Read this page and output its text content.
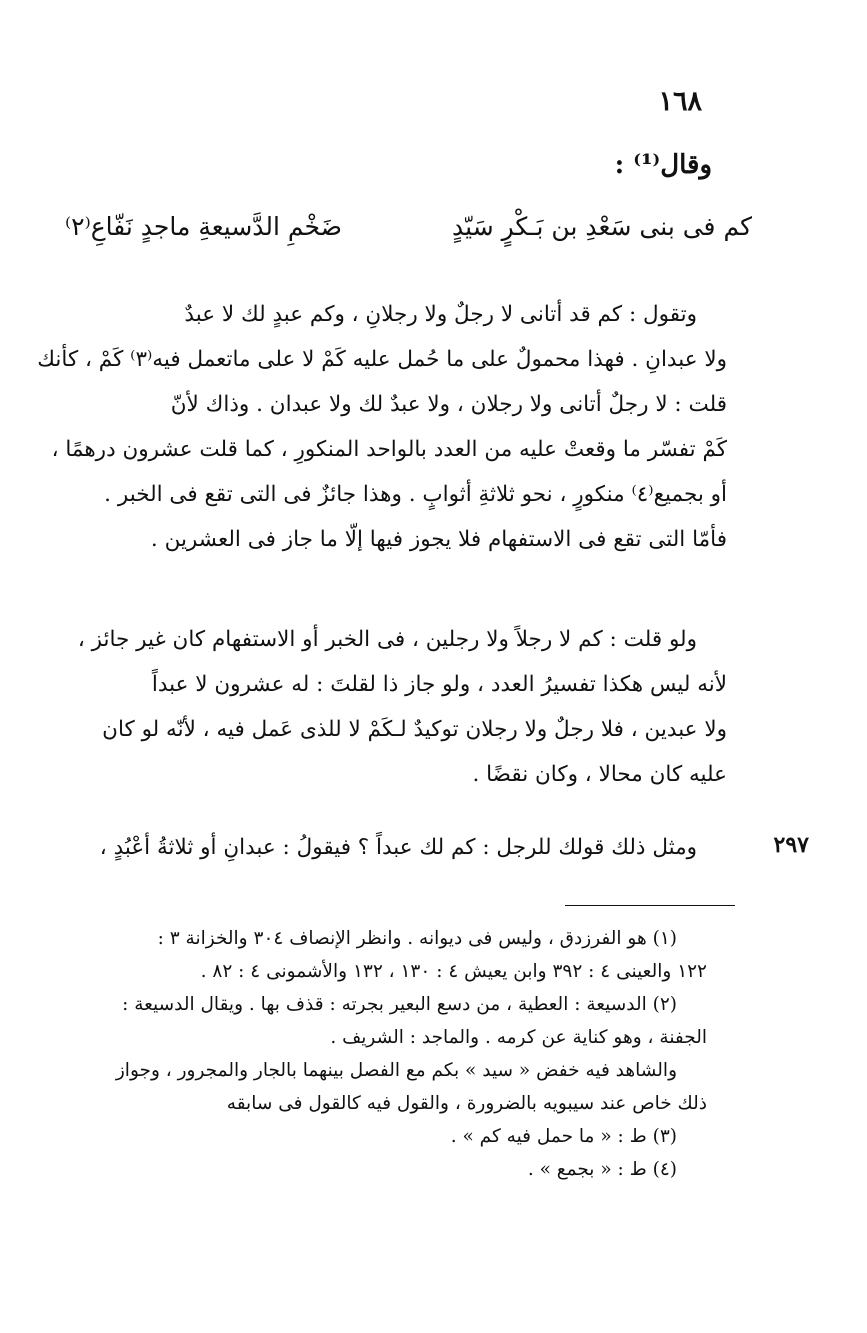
١٦٨
وقال⁽¹⁾ :
كم فى بنى سَعْدِ بن بَـكْرٍ سَيّدٍ
ضَخْمِ الدَّسيعةِ ماجدٍ نَفّاعِ⁽٢⁾
وتقول : كم قد أتانى لا رجلٌ ولا رجلانِ ، وكم عبدٍ لك لا عبدٌ
ولا عبدانِ . فهذا محمولٌ على ما حُمل عليه كَمْ لا على ماتعمل فيه⁽٣⁾ كَمْ ، كأنك
قلت : لا رجلٌ أتانى ولا رجلان ، ولا عبدٌ لك ولا عبدان . وذاك لأنّ
كَمْ تفسّر ما وقعتْ عليه من العدد بالواحد المنكورِ ، كما قلت عشرون درهمًا ،
أو بجميع⁽٤⁾ منكورٍ ، نحو ثلاثةِ أثوابٍ . وهذا جائزٌ فى التى تقع فى الخبر .
فأمّا التى تقع فى الاستفهام فلا يجوز فيها إلّا ما جاز فى العشرين .
ولو قلت : كم لا رجلاً ولا رجلين ، فى الخبر أو الاستفهام كان غير جائز ،
لأنه ليس هكذا تفسيرُ العدد ، ولو جاز ذا لقلتَ : له عشرون لا عبداً
ولا عبدين ، فلا رجلٌ ولا رجلان توكيدٌ لـكَمْ لا للذى عَمل فيه ، لأنّه لو كان
عليه كان محالا ، وكان نقضًا .
ومثل ذلك قولك للرجل : كم لك عبداً ؟ فيقولُ : عبدانِ أو ثلاثةُ أعْبُدٍ ،	٢٩٧
(١) هو الفرزدق ، وليس فى ديوانه . وانظر الإنصاف ٣٠٤ والخزانة ٣ :
١٢٢ والعينى ٤ : ٣٩٢ وابن يعيش ٤ : ١٣٠ ، ١٣٢ والأشمونى ٤ : ٨٢ .
(٢) الدسيعة : العطية ، من دسع البعير بجرته : قذف بها . ويقال الدسيعة :
الجفنة ، وهو كناية عن كرمه . والماجد : الشريف .
والشاهد فيه خفض « سيد » بكم مع الفصل بينهما بالجار والمجرور ، وجواز
ذلك خاص عند سيبويه بالضرورة ، والقول فيه كالقول فى سابقه
(٣) ط : « ما حمل فيه كم » .
(٤) ط : « بجمع » .
